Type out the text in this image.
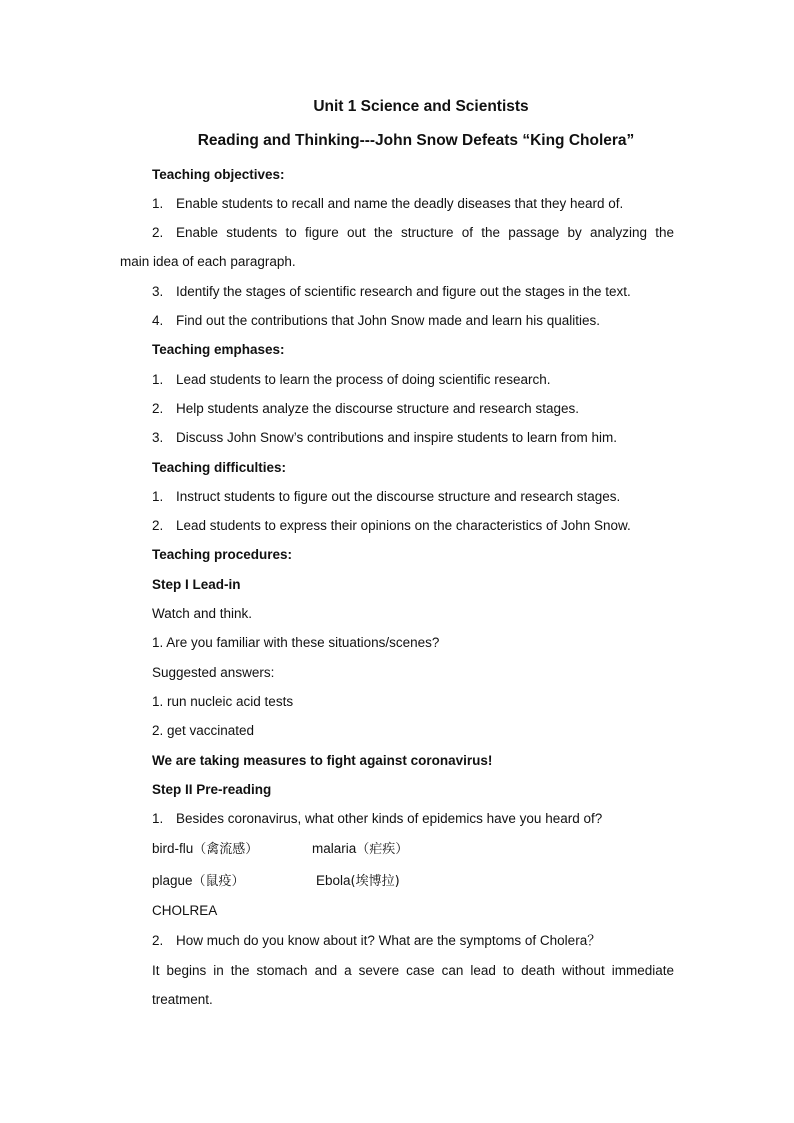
Unit 1 Science and Scientists
Reading and Thinking---John Snow Defeats “King Cholera”
Teaching objectives:
1. Enable students to recall and name the deadly diseases that they heard of.
2. Enable students to figure out the structure of the passage by analyzing the
main idea of each paragraph.
3. Identify the stages of scientific research and figure out the stages in the text.
4. Find out the contributions that John Snow made and learn his qualities.
Teaching emphases:
1. Lead students to learn the process of doing scientific research.
2. Help students analyze the discourse structure and research stages.
3. Discuss John Snow’s contributions and inspire students to learn from him.
Teaching difficulties:
1. Instruct students to figure out the discourse structure and research stages.
2. Lead students to express their opinions on the characteristics of John Snow.
Teaching procedures:
Step I Lead-in
Watch and think.
1. Are you familiar with these situations/scenes?
Suggested answers:
1. run nucleic acid tests
2. get vaccinated
We are taking measures to fight against coronavirus!
Step II Pre-reading
1. Besides coronavirus, what other kinds of epidemics have you heard of?
bird-flu（禽流感）	malaria（疟疾）
plague（鼠疫）	Ebola(埃博拉)
CHOLREA
2. How much do you know about it? What are the symptoms of Cholera？
It begins in the stomach and a severe case can lead to death without immediate
treatment.
